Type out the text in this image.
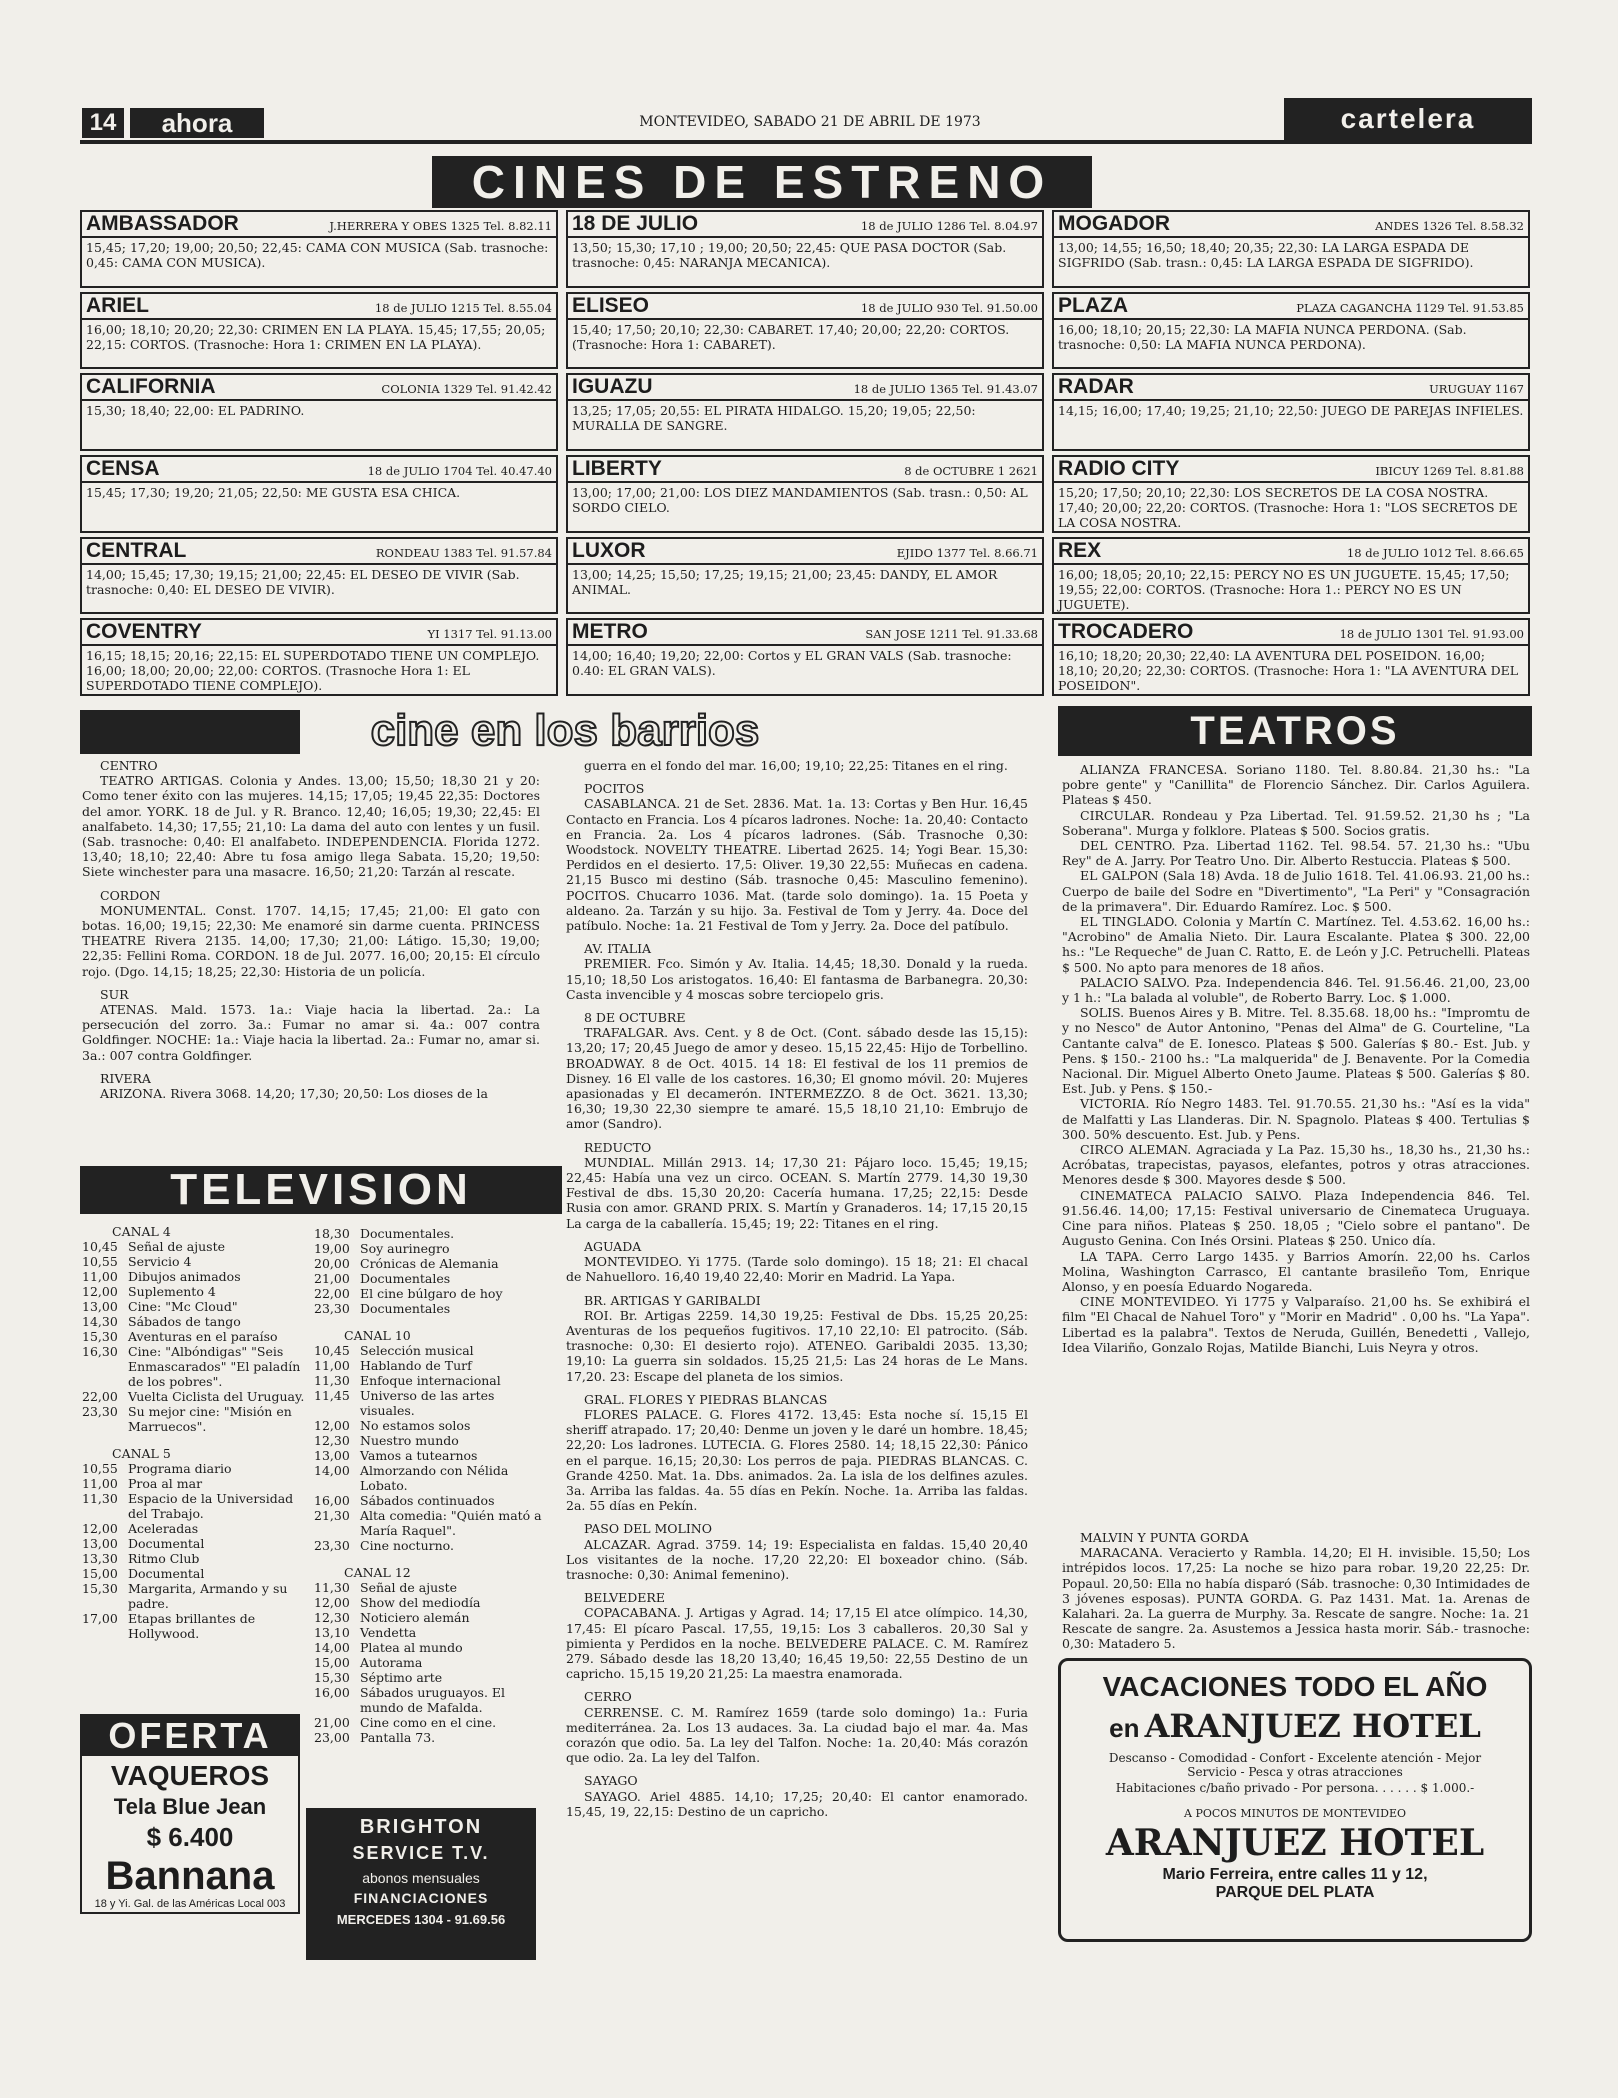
14	ahora	MONTEVIDEO, SABADO 21 DE ABRIL DE 1973	cartelera
CINES DE ESTRENO
AMBASSADOR	J.HERRERA Y OBES 1325 Tel. 8.82.11
15,45; 17,20; 19,00; 20,50; 22,45: CAMA CON MUSICA (Sab. trasnoche: 0,45: CAMA CON MUSICA).
18 DE JULIO	18 de JULIO 1286 Tel. 8.04.97
13,50; 15,30; 17,10 ; 19,00; 20,50; 22,45: QUE PASA DOCTOR (Sab. trasnoche: 0,45: NARANJA MECANICA).
MOGADOR	ANDES 1326 Tel. 8.58.32
13,00; 14,55; 16,50; 18,40; 20,35; 22,30: LA LARGA ESPADA DE SIGFRIDO (Sab. trasn.: 0,45: LA LARGA ESPADA DE SIGFRIDO).
ARIEL	18 de JULIO 1215 Tel. 8.55.04
16,00; 18,10; 20,20; 22,30: CRIMEN EN LA PLAYA. 15,45; 17,55; 20,05; 22,15: CORTOS. (Trasnoche: Hora 1: CRIMEN EN LA PLAYA).
ELISEO	18 de JULIO 930 Tel. 91.50.00
15,40; 17,50; 20,10; 22,30: CABARET. 17,40; 20,00; 22,20: CORTOS. (Trasnoche: Hora 1: CABARET).
PLAZA	PLAZA CAGANCHA 1129 Tel. 91.53.85
16,00; 18,10; 20,15; 22,30: LA MAFIA NUNCA PERDONA. (Sab. trasnoche: 0,50: LA MAFIA NUNCA PERDONA).
CALIFORNIA	COLONIA 1329 Tel. 91.42.42
15,30; 18,40; 22,00: EL PADRINO.
IGUAZU	18 de JULIO 1365 Tel. 91.43.07
13,25; 17,05; 20,55: EL PIRATA HIDALGO. 15,20; 19,05; 22,50: MURALLA DE SANGRE.
RADAR	URUGUAY 1167
14,15; 16,00; 17,40; 19,25; 21,10; 22,50: JUEGO DE PAREJAS INFIELES.
CENSA	18 de JULIO 1704 Tel. 40.47.40
15,45; 17,30; 19,20; 21,05; 22,50: ME GUSTA ESA CHICA.
LIBERTY	8 de OCTUBRE 1 2621
13,00; 17,00; 21,00: LOS DIEZ MANDAMIENTOS (Sab. trasn.: 0,50: AL SORDO CIELO.
RADIO CITY	IBICUY 1269 Tel. 8.81.88
15,20; 17,50; 20,10; 22,30: LOS SECRETOS DE LA COSA NOSTRA. 17,40; 20,00; 22,20: CORTOS. (Trasnoche: Hora 1: "LOS SECRETOS DE LA COSA NOSTRA.
CENTRAL	RONDEAU 1383 Tel. 91.57.84
14,00; 15,45; 17,30; 19,15; 21,00; 22,45: EL DESEO DE VIVIR (Sab. trasnoche: 0,40: EL DESEO DE VIVIR).
LUXOR	EJIDO 1377 Tel. 8.66.71
13,00; 14,25; 15,50; 17,25; 19,15; 21,00; 23,45: DANDY, EL AMOR ANIMAL.
REX	18 de JULIO 1012 Tel. 8.66.65
16,00; 18,05; 20,10; 22,15: PERCY NO ES UN JUGUETE. 15,45; 17,50; 19,55; 22,00: CORTOS. (Trasnoche: Hora 1.: PERCY NO ES UN JUGUETE).
COVENTRY	YI 1317 Tel. 91.13.00
16,15; 18,15; 20,16; 22,15: EL SUPERDOTADO TIENE UN COMPLEJO. 16,00; 18,00; 20,00; 22,00: CORTOS. (Trasnoche Hora 1: EL SUPERDOTADO TIENE COMPLEJO).
METRO	SAN JOSE 1211 Tel. 91.33.68
14,00; 16,40; 19,20; 22,00: Cortos y EL GRAN VALS (Sab. trasnoche: 0.40: EL GRAN VALS).
TROCADERO	18 de JULIO 1301 Tel. 91.93.00
16,10; 18,20; 20,30; 22,40: LA AVENTURA DEL POSEIDON. 16,00; 18,10; 20,20; 22,30: CORTOS. (Trasnoche: Hora 1: "LA AVENTURA DEL POSEIDON".
cine en los barrios
CENTRO
TEATRO ARTIGAS. Colonia y Andes. 13,00; 15,50; 18,30 21 y 20: Como tener éxito con las mujeres. 14,15; 17,05; 19,45 22,35: Doctores del amor. YORK. 18 de Jul. y R. Branco. 12,40; 16,05; 19,30; 22,45: El analfabeto. 14,30; 17,55; 21,10: La dama del auto con lentes y un fusil. (Sab. trasnoche: 0,40: El analfabeto. INDEPENDENCIA. Florida 1272. 13,40; 18,10; 22,40: Abre tu fosa amigo llega Sabata. 15,20; 19,50: Siete winchester para una masacre. 16,50; 21,20: Tarzán al rescate.
CORDON
MONUMENTAL. Const. 1707. 14,15; 17,45; 21,00: El gato con botas. 16,00; 19,15; 22,30: Me enamoré sin darme cuenta. PRINCESS THEATRE Rivera 2135. 14,00; 17,30; 21,00: Látigo. 15,30; 19,00; 22,35: Fellini Roma. CORDON. 18 de Jul. 2077. 16,00; 20,15: El círculo rojo. (Dgo. 14,15; 18,25; 22,30: Historia de un policía.
SUR
ATENAS. Mald. 1573. 1a.: Viaje hacia la libertad. 2a.: La persecución del zorro. 3a.: Fumar no amar si. 4a.: 007 contra Goldfinger. NOCHE: 1a.: Viaje hacia la libertad. 2a.: Fumar no, amar si. 3a.: 007 contra Goldfinger.
RIVERA
ARIZONA. Rivera 3068. 14,20; 17,30; 20,50: Los dioses de la
guerra en el fondo del mar. 16,00; 19,10; 22,25: Titanes en el ring.
POCITOS
CASABLANCA. 21 de Set. 2836. Mat. 1a. 13: Cortas y Ben Hur. 16,45 Contacto en Francia. Los 4 pícaros ladrones. Noche: 1a. 20,40: Contacto en Francia. 2a. Los 4 pícaros ladrones. (Sáb. Trasnoche 0,30: Woodstock. NOVELTY THEATRE. Libertad 2625. 14; Yogi Bear. 15,30: Perdidos en el desierto. 17,5: Oliver. 19,30 22,55: Muñecas en cadena. 21,15 Busco mi destino (Sáb. trasnoche 0,45: Masculino femenino). POCITOS. Chucarro 1036. Mat. (tarde solo domingo). 1a. 15 Poeta y aldeano. 2a. Tarzán y su hijo. 3a. Festival de Tom y Jerry. 4a. Doce del patíbulo. Noche: 1a. 21 Festival de Tom y Jerry. 2a. Doce del patíbulo.
AV. ITALIA
PREMIER. Fco. Simón y Av. Italia. 14,45; 18,30. Donald y la rueda. 15,10; 18,50 Los aristogatos. 16,40: El fantasma de Barbanegra. 20,30: Casta invencible y 4 moscas sobre terciopelo gris.
8 DE OCTUBRE
TRAFALGAR. Avs. Cent. y 8 de Oct. (Cont. sábado desde las 15,15): 13,20; 17; 20,45 Juego de amor y deseo. 15,15 22,45: Hijo de Torbellino. BROADWAY. 8 de Oct. 4015. 14 18: El festival de los 11 premios de Disney. 16 El valle de los castores. 16,30; El gnomo móvil. 20: Mujeres apasionadas y El decamerón. INTERMEZZO. 8 de Oct. 3621. 13,30; 16,30; 19,30 22,30 siempre te amaré. 15,5 18,10 21,10: Embrujo de amor (Sandro).
REDUCTO
MUNDIAL. Millán 2913. 14; 17,30 21: Pájaro loco. 15,45; 19,15; 22,45: Había una vez un circo. OCEAN. S. Martín 2779. 14,30 19,30 Festival de dbs. 15,30 20,20: Cacería humana. 17,25; 22,15: Desde Rusia con amor. GRAND PRIX. S. Martín y Granaderos. 14; 17,15 20,15 La carga de la caballería. 15,45; 19; 22: Titanes en el ring.
AGUADA
MONTEVIDEO. Yi 1775. (Tarde solo domingo). 15 18; 21: El chacal de Nahuelloro. 16,40 19,40 22,40: Morir en Madrid. La Yapa.
BR. ARTIGAS Y GARIBALDI
ROI. Br. Artigas 2259. 14,30 19,25: Festival de Dbs. 15,25 20,25: Aventuras de los pequeños fugitivos. 17,10 22,10: El patrocito. (Sáb. trasnoche: 0,30: El desierto rojo). ATENEO. Garibaldi 2035. 13,30; 19,10: La guerra sin soldados. 15,25 21,5: Las 24 horas de Le Mans. 17,20. 23: Escape del planeta de los simios.
GRAL. FLORES Y PIEDRAS BLANCAS
FLORES PALACE. G. Flores 4172. 13,45: Esta noche sí. 15,15 El sheriff atrapado. 17; 20,40: Denme un joven y le daré un hombre. 18,45; 22,20: Los ladrones. LUTECIA. G. Flores 2580. 14; 18,15 22,30: Pánico en el parque. 16,15; 20,30: Los perros de paja. PIEDRAS BLANCAS. C. Grande 4250. Mat. 1a. Dbs. animados. 2a. La isla de los delfines azules. 3a. Arriba las faldas. 4a. 55 días en Pekín. Noche. 1a. Arriba las faldas. 2a. 55 días en Pekín.
PASO DEL MOLINO
ALCAZAR. Agrad. 3759. 14; 19: Especialista en faldas. 15,40 20,40 Los visitantes de la noche. 17,20 22,20: El boxeador chino. (Sáb. trasnoche: 0,30: Animal femenino).
BELVEDERE
COPACABANA. J. Artigas y Agrad. 14; 17,15 El atce olímpico. 14,30, 17,45: El pícaro Pascal. 17,55, 19,15: Los 3 caballeros. 20,30 Sal y pimienta y Perdidos en la noche. BELVEDERE PALACE. C. M. Ramírez 279. Sábado desde las 18,20 13,40; 16,45 19,50: 22,55 Destino de un capricho. 15,15 19,20 21,25: La maestra enamorada.
CERRO
CERRENSE. C. M. Ramírez 1659 (tarde solo domingo) 1a.: Furia mediterránea. 2a. Los 13 audaces. 3a. La ciudad bajo el mar. 4a. Mas corazón que odio. 5a. La ley del Talfon. Noche: 1a. 20,40: Más corazón que odio. 2a. La ley del Talfon.
SAYAGO
SAYAGO. Ariel 4885. 14,10; 17,25; 20,40: El cantor enamorado. 15,45, 19, 22,15: Destino de un capricho.
TELEVISION
CANAL 4
10,45 Señal de ajuste
10,55 Servicio 4
11,00 Dibujos animados
12,00 Suplemento 4
13,00 Cine: "Mc Cloud"
14,30 Sábados de tango
15,30 Aventuras en el paraíso
16,30 Cine: "Albóndigas" "Seis Enmascarados" "El paladín de los pobres".
22,00 Vuelta Ciclista del Uruguay.
23,30 Su mejor cine: "Misión en Marruecos".
CANAL 5
10,55 Programa diario
11,00 Proa al mar
11,30 Espacio de la Universidad del Trabajo.
12,00 Aceleradas
13,00 Documental
13,30 Ritmo Club
15,00 Documental
15,30 Margarita, Armando y su padre.
17,00 Etapas brillantes de Hollywood.
18,30 Documentales.
19,00 Soy aurinegro
20,00 Crónicas de Alemania
21,00 Documentales
22,00 El cine búlgaro de hoy
23,30 Documentales
CANAL 10
10,45 Selección musical
11,00 Hablando de Turf
11,30 Enfoque internacional
11,45 Universo de las artes visuales.
12,00 No estamos solos
12,30 Nuestro mundo
13,00 Vamos a tutearnos
14,00 Almorzando con Nélida Lobato.
16,00 Sábados continuados
21,30 Alta comedia: "Quién mató a María Raquel".
23,30 Cine nocturno.
CANAL 12
11,30 Señal de ajuste
12,00 Show del mediodía
12,30 Noticiero alemán
13,10 Vendetta
14,00 Platea al mundo
15,00 Autorama
15,30 Séptimo arte
16,00 Sábados uruguayos. El mundo de Mafalda.
21,00 Cine como en el cine.
23,00 Pantalla 73.
OFERTA
VAQUEROS
Tela Blue Jean
$ 6.400
Bannana
18 y Yi. Gal. de las Américas Local 003
BRIGHTON
SERVICE T.V.
abonos mensuales
FINANCIACIONES
MERCEDES 1304 - 91.69.56
TEATROS
ALIANZA FRANCESA. Soriano 1180. Tel. 8.80.84. 21,30 hs.: "La pobre gente" y "Canillita" de Florencio Sánchez. Dir. Carlos Aguilera. Plateas $ 450.
CIRCULAR. Rondeau y Pza Libertad. Tel. 91.59.52. 21,30 hs ; "La Soberana". Murga y folklore. Plateas $ 500. Socios gratis.
DEL CENTRO. Pza. Libertad 1162. Tel. 98.54. 57. 21,30 hs.: "Ubu Rey" de A. Jarry. Por Teatro Uno. Dir. Alberto Restuccia. Plateas $ 500.
EL GALPON (Sala 18) Avda. 18 de Julio 1618. Tel. 41.06.93. 21,00 hs.: Cuerpo de baile del Sodre en "Divertimento", "La Peri" y "Consagración de la primavera". Dir. Eduardo Ramírez. Loc. $ 500.
EL TINGLADO. Colonia y Martín C. Martínez. Tel. 4.53.62. 16,00 hs.: "Acrobino" de Amalia Nieto. Dir. Laura Escalante. Platea $ 300. 22,00 hs.: "Le Requeche" de Juan C. Ratto, E. de León y J.C. Petruchelli. Plateas $ 500. No apto para menores de 18 años.
PALACIO SALVO. Pza. Independencia 846. Tel. 91.56.46. 21,00, 23,00 y 1 h.: "La balada al voluble", de Roberto Barry. Loc. $ 1.000.
SOLIS. Buenos Aires y B. Mitre. Tel. 8.35.68. 18,00 hs.: "Impromtu de y no Nesco" de Autor Antonino, "Penas del Alma" de G. Courteline, "La Cantante calva" de E. Ionesco. Plateas $ 500. Galerías $ 80.- Est. Jub. y Pens. $ 150.- 2100 hs.: "La malquerida" de J. Benavente. Por la Comedia Nacional. Dir. Miguel Alberto Oneto Jaume. Plateas $ 500. Galerías $ 80. Est. Jub. y Pens. $ 150.-
VICTORIA. Río Negro 1483. Tel. 91.70.55. 21,30 hs.: "Así es la vida" de Malfatti y Las Llanderas. Dir. N. Spagnolo. Plateas $ 400. Tertulias $ 300. 50% descuento. Est. Jub. y Pens.
CIRCO ALEMAN. Agraciada y La Paz. 15,30 hs., 18,30 hs., 21,30 hs.: Acróbatas, trapecistas, payasos, elefantes, potros y otras atracciones. Menores desde $ 300. Mayores desde $ 500.
CINEMATECA PALACIO SALVO. Plaza Independencia 846. Tel. 91.56.46. 14,00; 17,15: Festival universario de Cinemateca Uruguaya. Cine para niños. Plateas $ 250. 18,05 ; "Cielo sobre el pantano". De Augusto Genina. Con Inés Orsini. Plateas $ 250. Unico día.
LA TAPA. Cerro Largo 1435. y Barrios Amorín. 22,00 hs. Carlos Molina, Washington Carrasco, El cantante brasileño Tom, Enrique Alonso, y en poesía Eduardo Nogareda.
CINE MONTEVIDEO. Yi 1775 y Valparaíso. 21,00 hs. Se exhibirá el film "El Chacal de Nahuel Toro" y "Morir en Madrid" . 0,00 hs. "La Yapa". Libertad es la palabra". Textos de Neruda, Guillén, Benedetti , Vallejo, Idea Vilariño, Gonzalo Rojas, Matilde Bianchi, Luis Neyra y otros.
MALVIN Y PUNTA GORDA
MARACANA. Veracierto y Rambla. 14,20; El H. invisible. 15,50; Los intrépidos locos. 17,25: La noche se hizo para robar. 19,20 22,25: Dr. Popaul. 20,50: Ella no había disparó (Sáb. trasnoche: 0,30 Intimidades de 3 jóvenes esposas). PUNTA GORDA. G. Paz 1431. Mat. 1a. Arenas de Kalahari. 2a. La guerra de Murphy. 3a. Rescate de sangre. Noche: 1a. 21 Rescate de sangre. 2a. Asustemos a Jessica hasta morir. Sáb.- trasnoche: 0,30: Matadero 5.
VACACIONES TODO EL AÑO
en ARANJUEZ HOTEL
Descanso - Comodidad - Confort - Excelente atención - Mejor Servicio - Pesca y otras atracciones
Habitaciones c/baño privado - Por persona. . . . . . $ 1.000.-
A POCOS MINUTOS DE MONTEVIDEO
ARANJUEZ HOTEL
Mario Ferreira, entre calles 11 y 12,
PARQUE DEL PLATA
